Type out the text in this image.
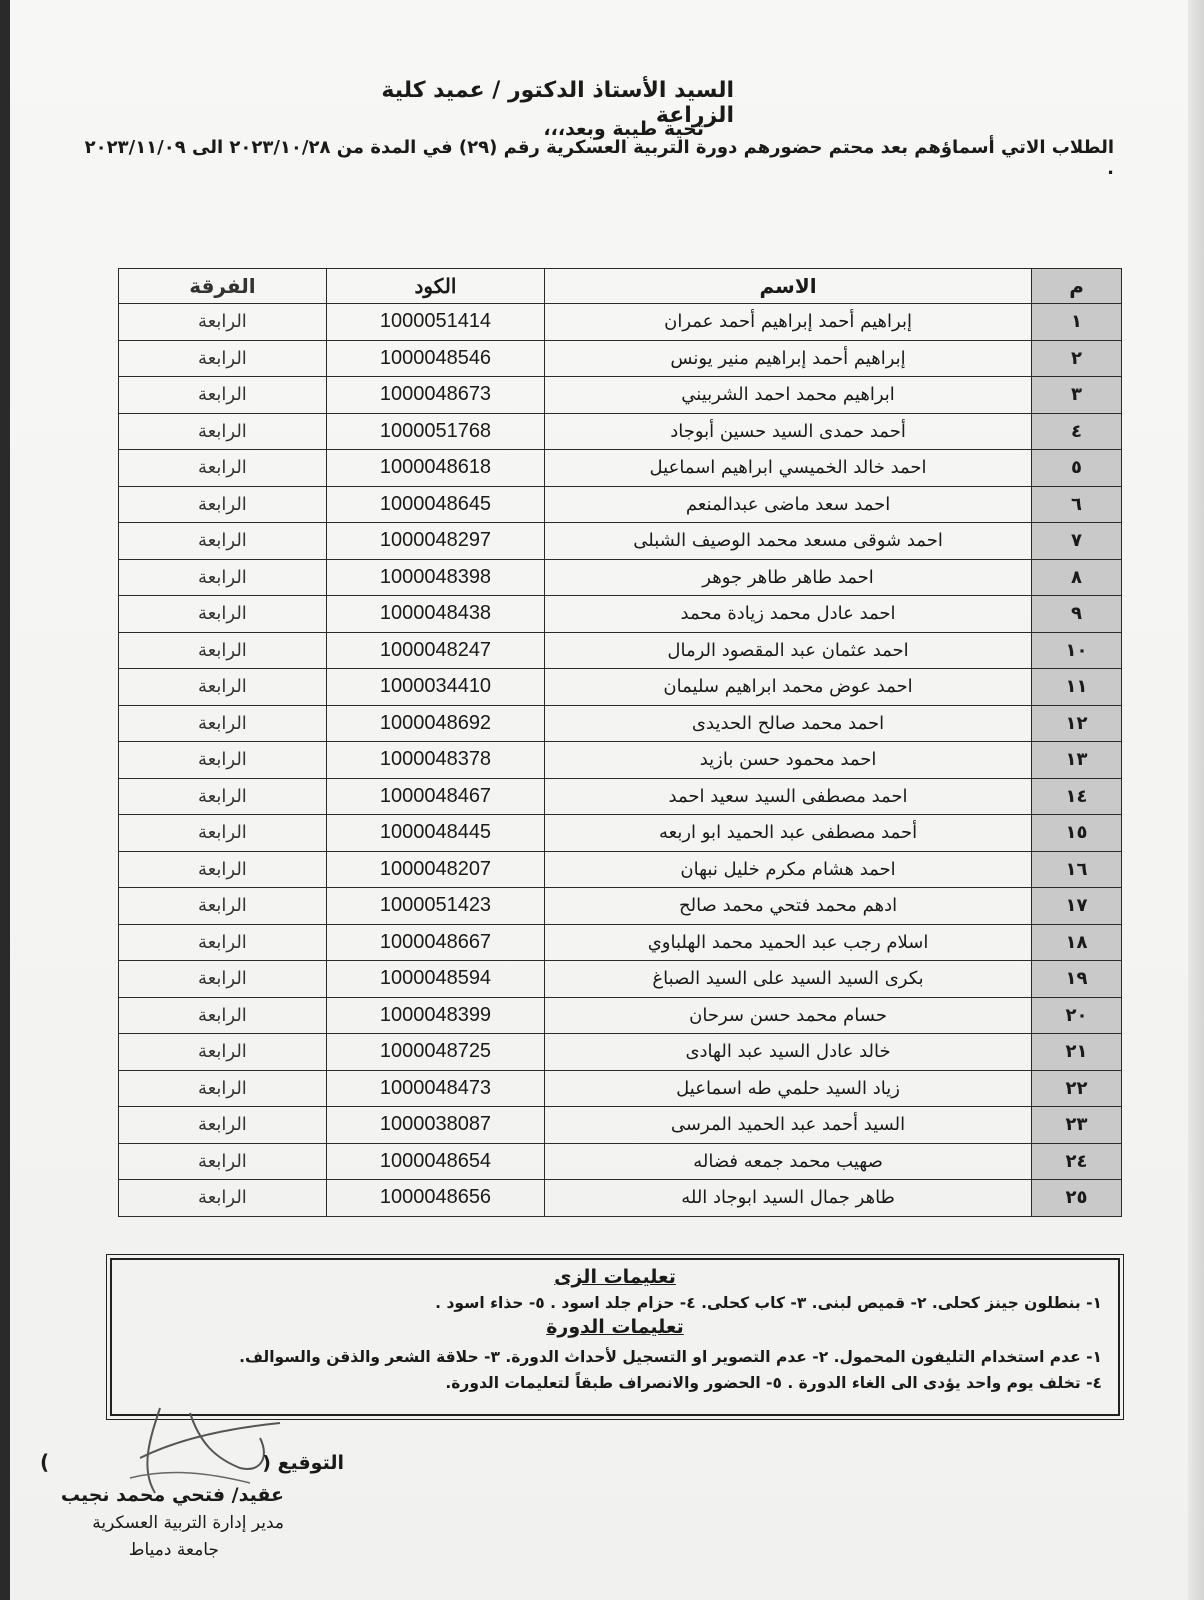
السيد الأستاذ الدكتور / عميد كلية الزراعة
تحية طيبة وبعد،،،
الطلاب الاتي أسماؤهم بعد محتم حضورهم دورة التربية العسكرية رقم (٢٩) في المدة من ٢٠٢٣/١٠/٢٨ الى ٢٠٢٣/١١/٠٩ .
م	الاسم	الكود	الفرقة
١	إبراهيم أحمد إبراهيم أحمد عمران	1000051414	الرابعة
٢	إبراهيم أحمد إبراهيم منير يونس	1000048546	الرابعة
٣	ابراهيم محمد احمد الشربيني	1000048673	الرابعة
٤	أحمد حمدى السيد حسين أبوجاد	1000051768	الرابعة
٥	احمد خالد الخميسي ابراهيم اسماعيل	1000048618	الرابعة
٦	احمد سعد ماضى عبدالمنعم	1000048645	الرابعة
٧	احمد شوقى مسعد محمد الوصيف الشبلى	1000048297	الرابعة
٨	احمد طاهر طاهر جوهر	1000048398	الرابعة
٩	احمد عادل محمد زيادة محمد	1000048438	الرابعة
١٠	احمد عثمان عبد المقصود الرمال	1000048247	الرابعة
١١	احمد عوض محمد ابراهيم سليمان	1000034410	الرابعة
١٢	احمد محمد صالح الحديدى	1000048692	الرابعة
١٣	احمد محمود حسن بازيد	1000048378	الرابعة
١٤	احمد مصطفى السيد سعيد احمد	1000048467	الرابعة
١٥	أحمد مصطفى عبد الحميد ابو اربعه	1000048445	الرابعة
١٦	احمد هشام مكرم خليل نبهان	1000048207	الرابعة
١٧	ادهم محمد فتحي محمد صالح	1000051423	الرابعة
١٨	اسلام رجب عبد الحميد محمد الهلباوي	1000048667	الرابعة
١٩	بكرى السيد السيد على السيد الصباغ	1000048594	الرابعة
٢٠	حسام محمد حسن سرحان	1000048399	الرابعة
٢١	خالد عادل السيد عبد الهادى	1000048725	الرابعة
٢٢	زياد السيد حلمي طه اسماعيل	1000048473	الرابعة
٢٣	السيد أحمد عبد الحميد المرسى	1000038087	الرابعة
٢٤	صهيب محمد جمعه فضاله	1000048654	الرابعة
٢٥	طاهر جمال السيد ابوجاد الله	1000048656	الرابعة
تعليمات الزى
١- بنطلون جينز كحلى. ٢- قميص لبنى. ٣- كاب كحلى. ٤- حزام جلد اسود . ٥- حذاء اسود .
تعليمات الدورة
١- عدم استخدام التليفون المحمول. ٢- عدم التصوير او التسجيل لأحداث الدورة. ٣- حلاقة الشعر والذقن والسوالف.
٤- تخلف يوم واحد يؤدى الى الغاء الدورة . ٥- الحضور والانصراف طبقاً لتعليمات الدورة.
التوقيع (
)
عقيد/ فتحي محمد نجيب
مدير إدارة التربية العسكرية
جامعة دمياط
